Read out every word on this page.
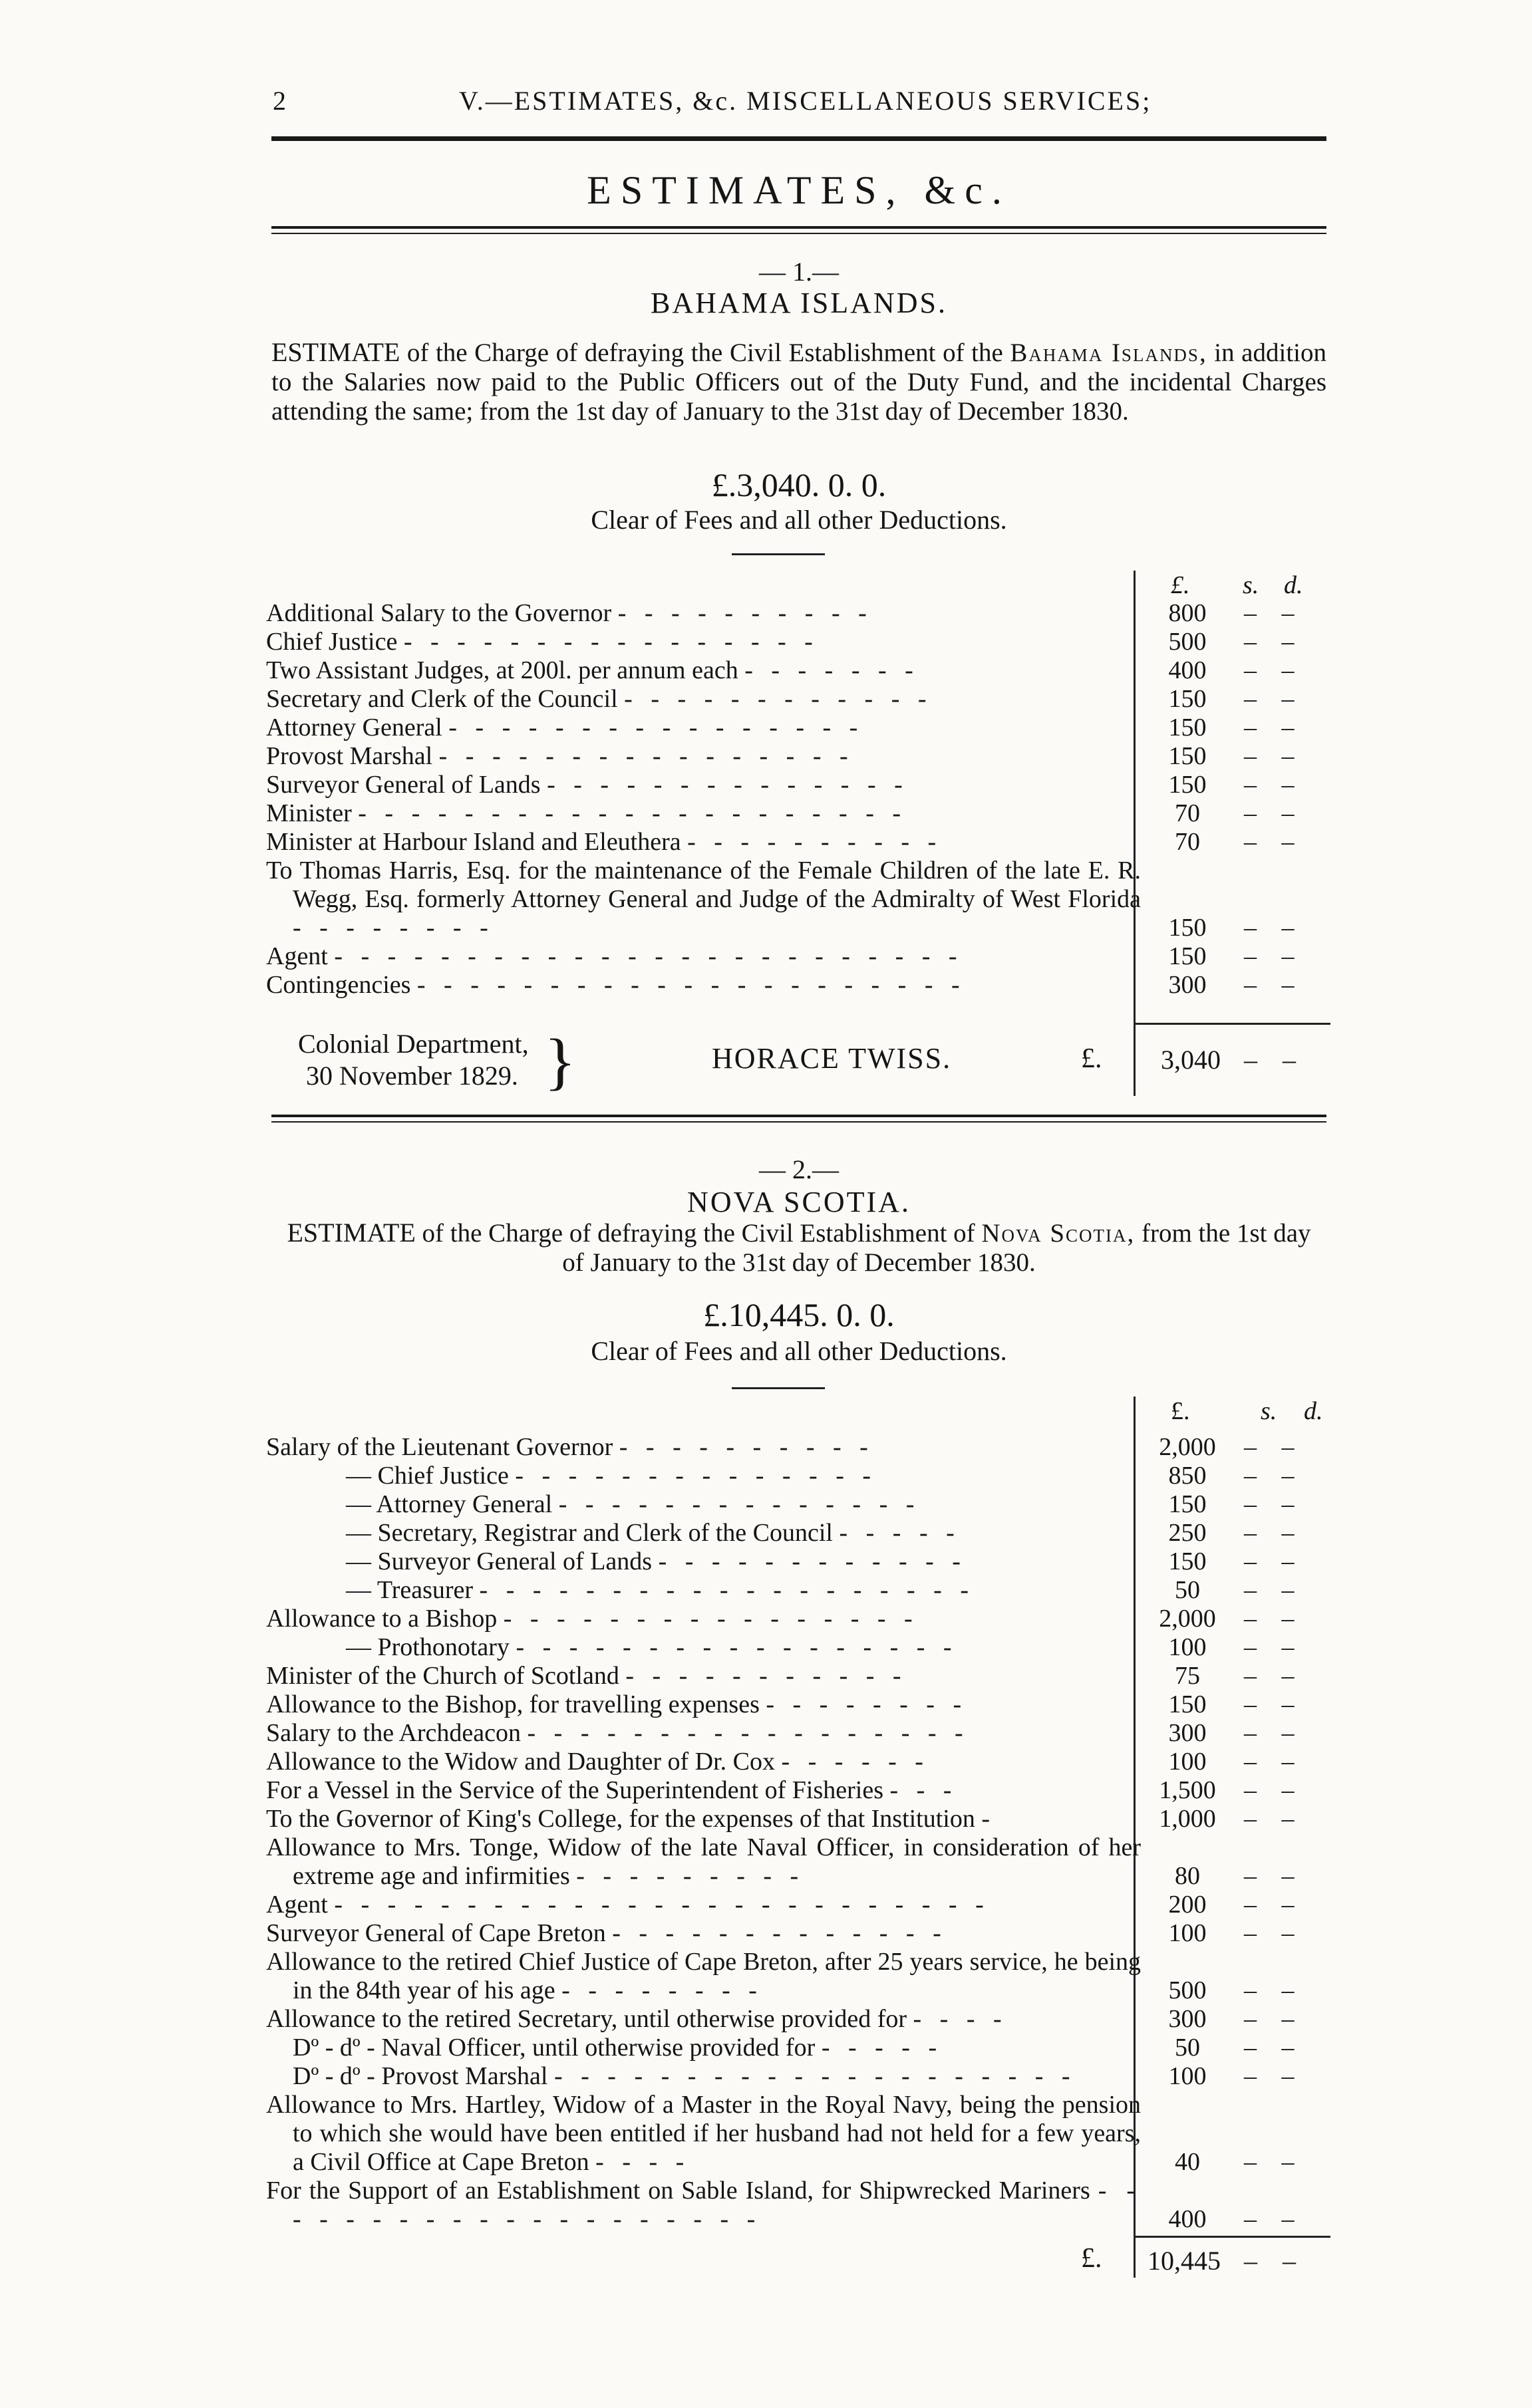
2	V.—ESTIMATES, &c. MISCELLANEOUS SERVICES;
ESTIMATES, &c.
— 1.—
BAHAMA ISLANDS.

ESTIMATE of the Charge of defraying the Civil Establishment of the Bahama Islands, in addition to the Salaries now paid to the Public Officers out of the Duty Fund, and the incidental Charges attending the same; from the 1st day of January to the 31st day of December 1830.

£.3,040. 0. 0.
Clear of Fees and all other Deductions.
£. s. d.
Additional Salary to the Governor - - - - - - - - - -	800	– –
Chief Justice - - - - - - - - - - - - - - - -	500	– –
Two Assistant Judges, at 200l. per annum each - - - - - - -	400	– –
Secretary and Clerk of the Council - - - - - - - - - - - -	150	– –
Attorney General - - - - - - - - - - - - - - - -	150	– –
Provost Marshal - - - - - - - - - - - - - - - -	150	– –
Surveyor General of Lands - - - - - - - - - - - - - -	150	– –
Minister - - - - - - - - - - - - - - - - - - - - -	70	– –
Minister at Harbour Island and Eleuthera - - - - - - - - - -	70	– –
To Thomas Harris, Esq. for the maintenance of the Female Children of the late E. R. Wegg, Esq. formerly Attorney General and Judge of the Admiralty of West Florida - - - - - - - -	150	– –
Agent - - - - - - - - - - - - - - - - - - - - - - - -	150	– –
Contingencies - - - - - - - - - - - - - - - - - - - - -	300	– –
Colonial Department,
30 November 1829. }	HORACE TWISS.	£. 3,040 – –
— 2.—
NOVA SCOTIA.

ESTIMATE of the Charge of defraying the Civil Establishment of Nova Scotia, from the 1st day of January to the 31st day of December 1830.

£.10,445. 0. 0.
Clear of Fees and all other Deductions.
£.	s. d.
Salary of the Lieutenant Governor - - - - - - - - - -	2,000	– –
— Chief Justice - - - - - - - - - - - - - -	850	– –
— Attorney General - - - - - - - - - - - - - -	150	– –
— Secretary, Registrar and Clerk of the Council - - - - -	250	– –
— Surveyor General of Lands - - - - - - - - - - - -	150	– –
— Treasurer - - - - - - - - - - - - - - - - - - -	50	– –
Allowance to a Bishop - - - - - - - - - - - - - - - -	2,000	– –
— Prothonotary - - - - - - - - - - - - - - - - -	100	– –
Minister of the Church of Scotland - - - - - - - - - - -	75	– –
Allowance to the Bishop, for travelling expenses - - - - - - - -	150	– –
Salary to the Archdeacon - - - - - - - - - - - - - - - - -	300	– –
Allowance to the Widow and Daughter of Dr. Cox - - - - - -	100	– –
For a Vessel in the Service of the Superintendent of Fisheries - - -	1,500	– –
To the Governor of King's College, for the expenses of that Institution -	1,000	– –
Allowance to Mrs. Tonge, Widow of the late Naval Officer, in consideration of her extreme age and infirmities - - - - - - - - -	80	– –
Agent - - - - - - - - - - - - - - - - - - - - - - - - -	200	– –
Surveyor General of Cape Breton - - - - - - - - - - - - -	100	– –
Allowance to the retired Chief Justice of Cape Breton, after 25 years service, he being in the 84th year of his age - - - - - - - -	500	– –
Allowance to the retired Secretary, until otherwise provided for - - - -	300	– –
Dº - dº - Naval Officer, until otherwise provided for - - - - -	50	– –
Dº - dº - Provost Marshal - - - - - - - - - - - - - - - - - - - -	100	– –
Allowance to Mrs. Hartley, Widow of a Master in the Royal Navy, being the pension to which she would have been entitled if her husband had not held for a few years, a Civil Office at Cape Breton - - - -	40	– –
For the Support of an Establishment on Sable Island, for Shipwrecked Mariners - - - - - - - - - - - - - - - - - - - -	400	– –
£. 10,445 – –
